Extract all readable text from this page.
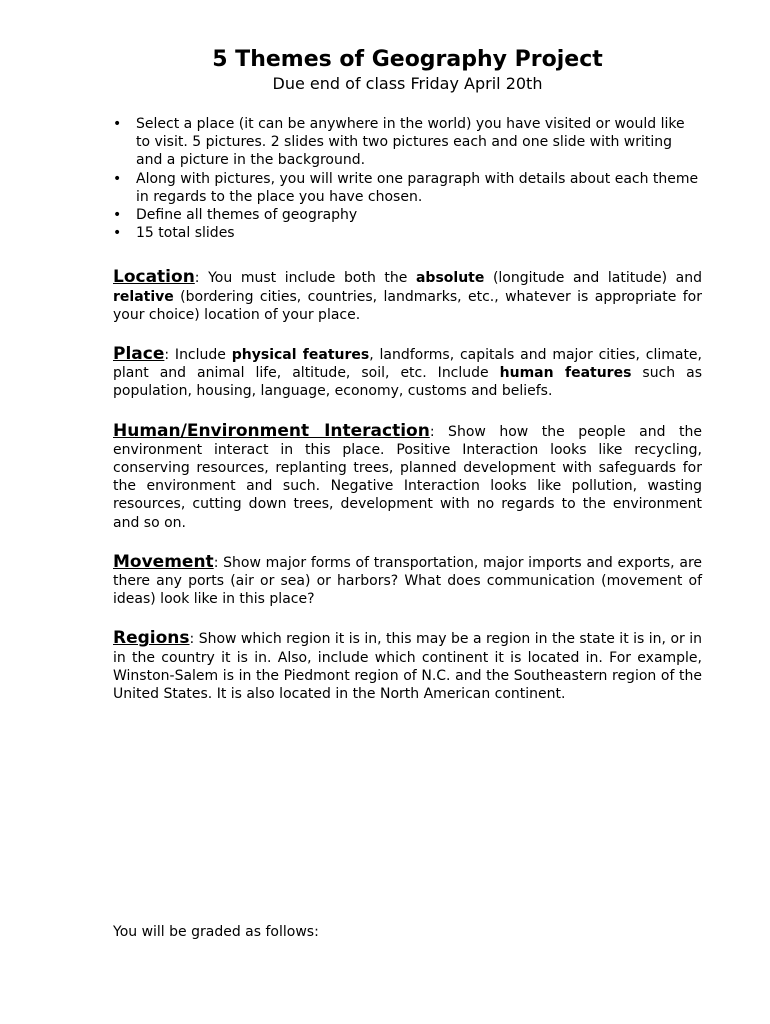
5 Themes of Geography Project
Due end of class Friday April 20th
• Select a place (it can be anywhere in the world) you have visited or would like to visit. 5 pictures. 2 slides with two pictures each and one slide with writing and a picture in the background.
• Along with pictures, you will write one paragraph with details about each theme in regards to the place you have chosen.
• Define all themes of geography
• 15 total slides

Location: You must include both the absolute (longitude and latitude) and relative (bordering cities, countries, landmarks, etc., whatever is appropriate for your choice) location of your place.

Place: Include physical features, landforms, capitals and major cities, climate, plant and animal life, altitude, soil, etc. Include human features such as population, housing, language, economy, customs and beliefs.

Human/Environment Interaction: Show how the people and the environment interact in this place. Positive Interaction looks like recycling, conserving resources, replanting trees, planned development with safeguards for the environment and such. Negative Interaction looks like pollution, wasting resources, cutting down trees, development with no regards to the environment and so on.

Movement: Show major forms of transportation, major imports and exports, are there any ports (air or sea) or harbors? What does communication (movement of ideas) look like in this place?

Regions: Show which region it is in, this may be a region in the state it is in, or in in the country it is in. Also, include which continent it is located in. For example, Winston-Salem is in the Piedmont region of N.C. and the Southeastern region of the United States. It is also located in the North American continent.

You will be graded as follows:
